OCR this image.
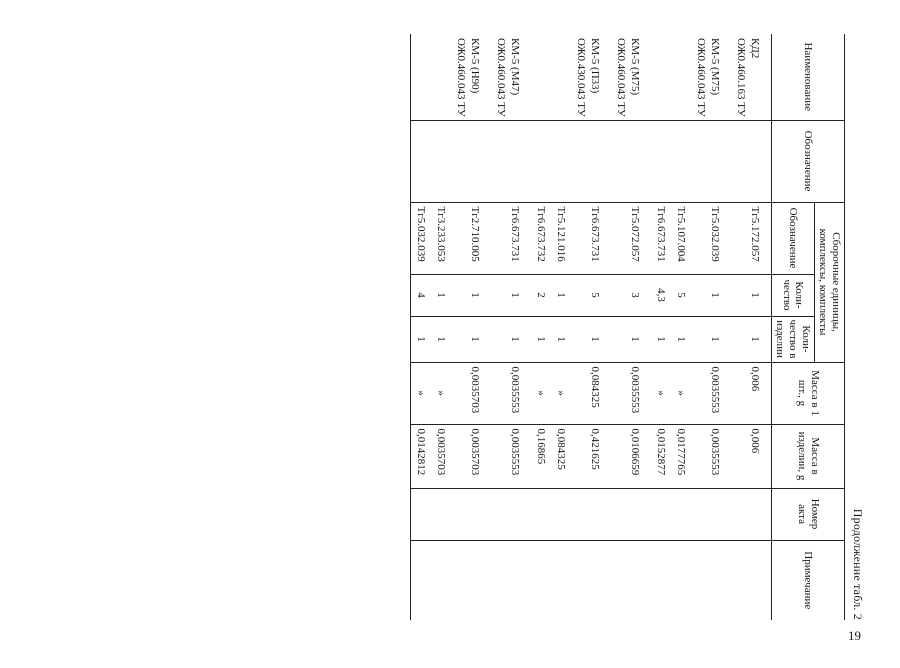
Продолжение табл. 2
Наименование	Обозначение	Сборочные единицы, комплексы, комплекты			Масса в 1 шт., g	Масса в изделии, g	Номер акта	Примечание
		Обозначение	Коли-чество	Коли-чество в изделии				

КД2
ОЖ0.460.163 ТУ		Тг5.172.057	1	1	0,006	0,006		

КМ-5 (М75)
ОЖ0.460.043 ТУ		Тг5.032.039	1	1	0,0035553	0,0035553		
		Тг5.107.004	5	1	»	0,0177765		
		Тг6.673.731	4,3	1	»	0,0152877		

КМ-5 (М75)
ОЖ0.460.043 ТУ		Тг5.072.057	3	1	0,0035553	0,0106659		

КМ-5 (П33)
ОЖ0.430.043 ТУ		Тг6.673.731	5	1	0,084325	0,421625		
		Тг5.121.016	1	1	»	0,084325		
		Тг6.673.732	2	1	»	0,16865		

КМ-5 (М47)
ОЖ0.460.043 ТУ		Тг6.673.731	1	1	0,0035553	0,0035553		

КМ-5 (Н90)
ОЖ0.460.043 ТУ		Тг2.710.005	1	1	0,0035703	0,0035703		
		Тг3.233.053	1	1	»	0,0035703		
		Тг5.032.039	4	1	»	0,0142812		
19
